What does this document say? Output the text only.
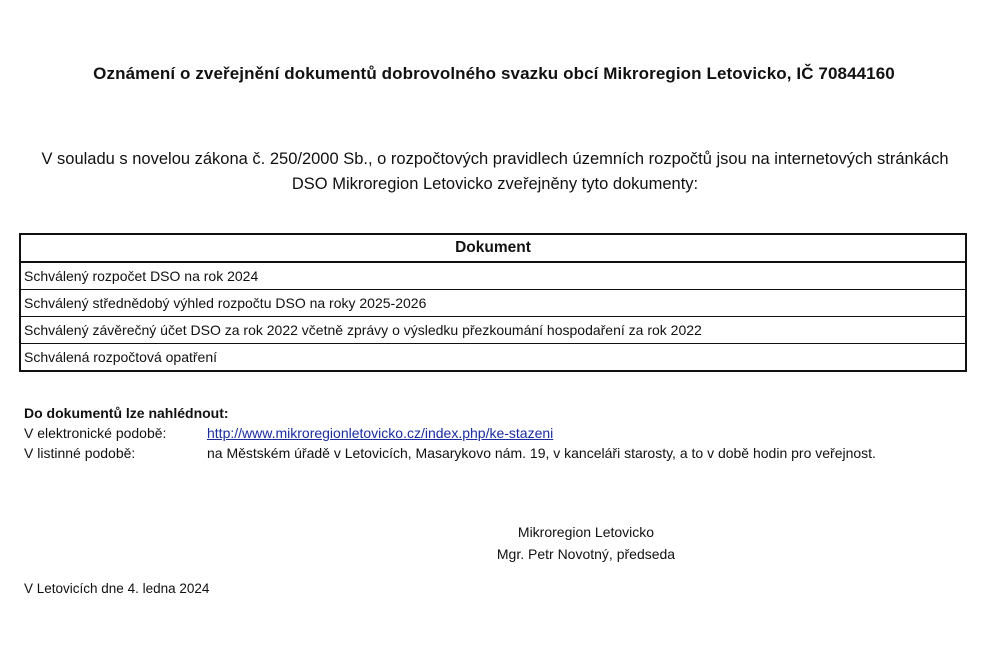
Oznámení o zveřejnění dokumentů dobrovolného svazku obcí Mikroregion Letovicko, IČ 70844160
V souladu s novelou zákona č. 250/2000 Sb., o rozpočtových pravidlech územních rozpočtů jsou na internetových stránkách
DSO Mikroregion Letovicko zveřejněny tyto dokumenty:
Dokument
Schválený rozpočet DSO na rok 2024
Schválený střednědobý výhled rozpočtu DSO na roky 2025-2026
Schválený závěrečný účet DSO za rok 2022 včetně zprávy o výsledku přezkoumání hospodaření za rok 2022
Schválená rozpočtová opatření
Do dokumentů lze nahlédnout:
V elektronické podobě:	http://www.mikroregionletovicko.cz/index.php/ke-stazeni
V listinné podobě:	na Městském úřadě v Letovicích, Masarykovo nám. 19, v kanceláři starosty, a to v době hodin pro veřejnost.
Mikroregion Letovicko
Mgr. Petr Novotný, předseda
V Letovicích dne 4. ledna 2024
